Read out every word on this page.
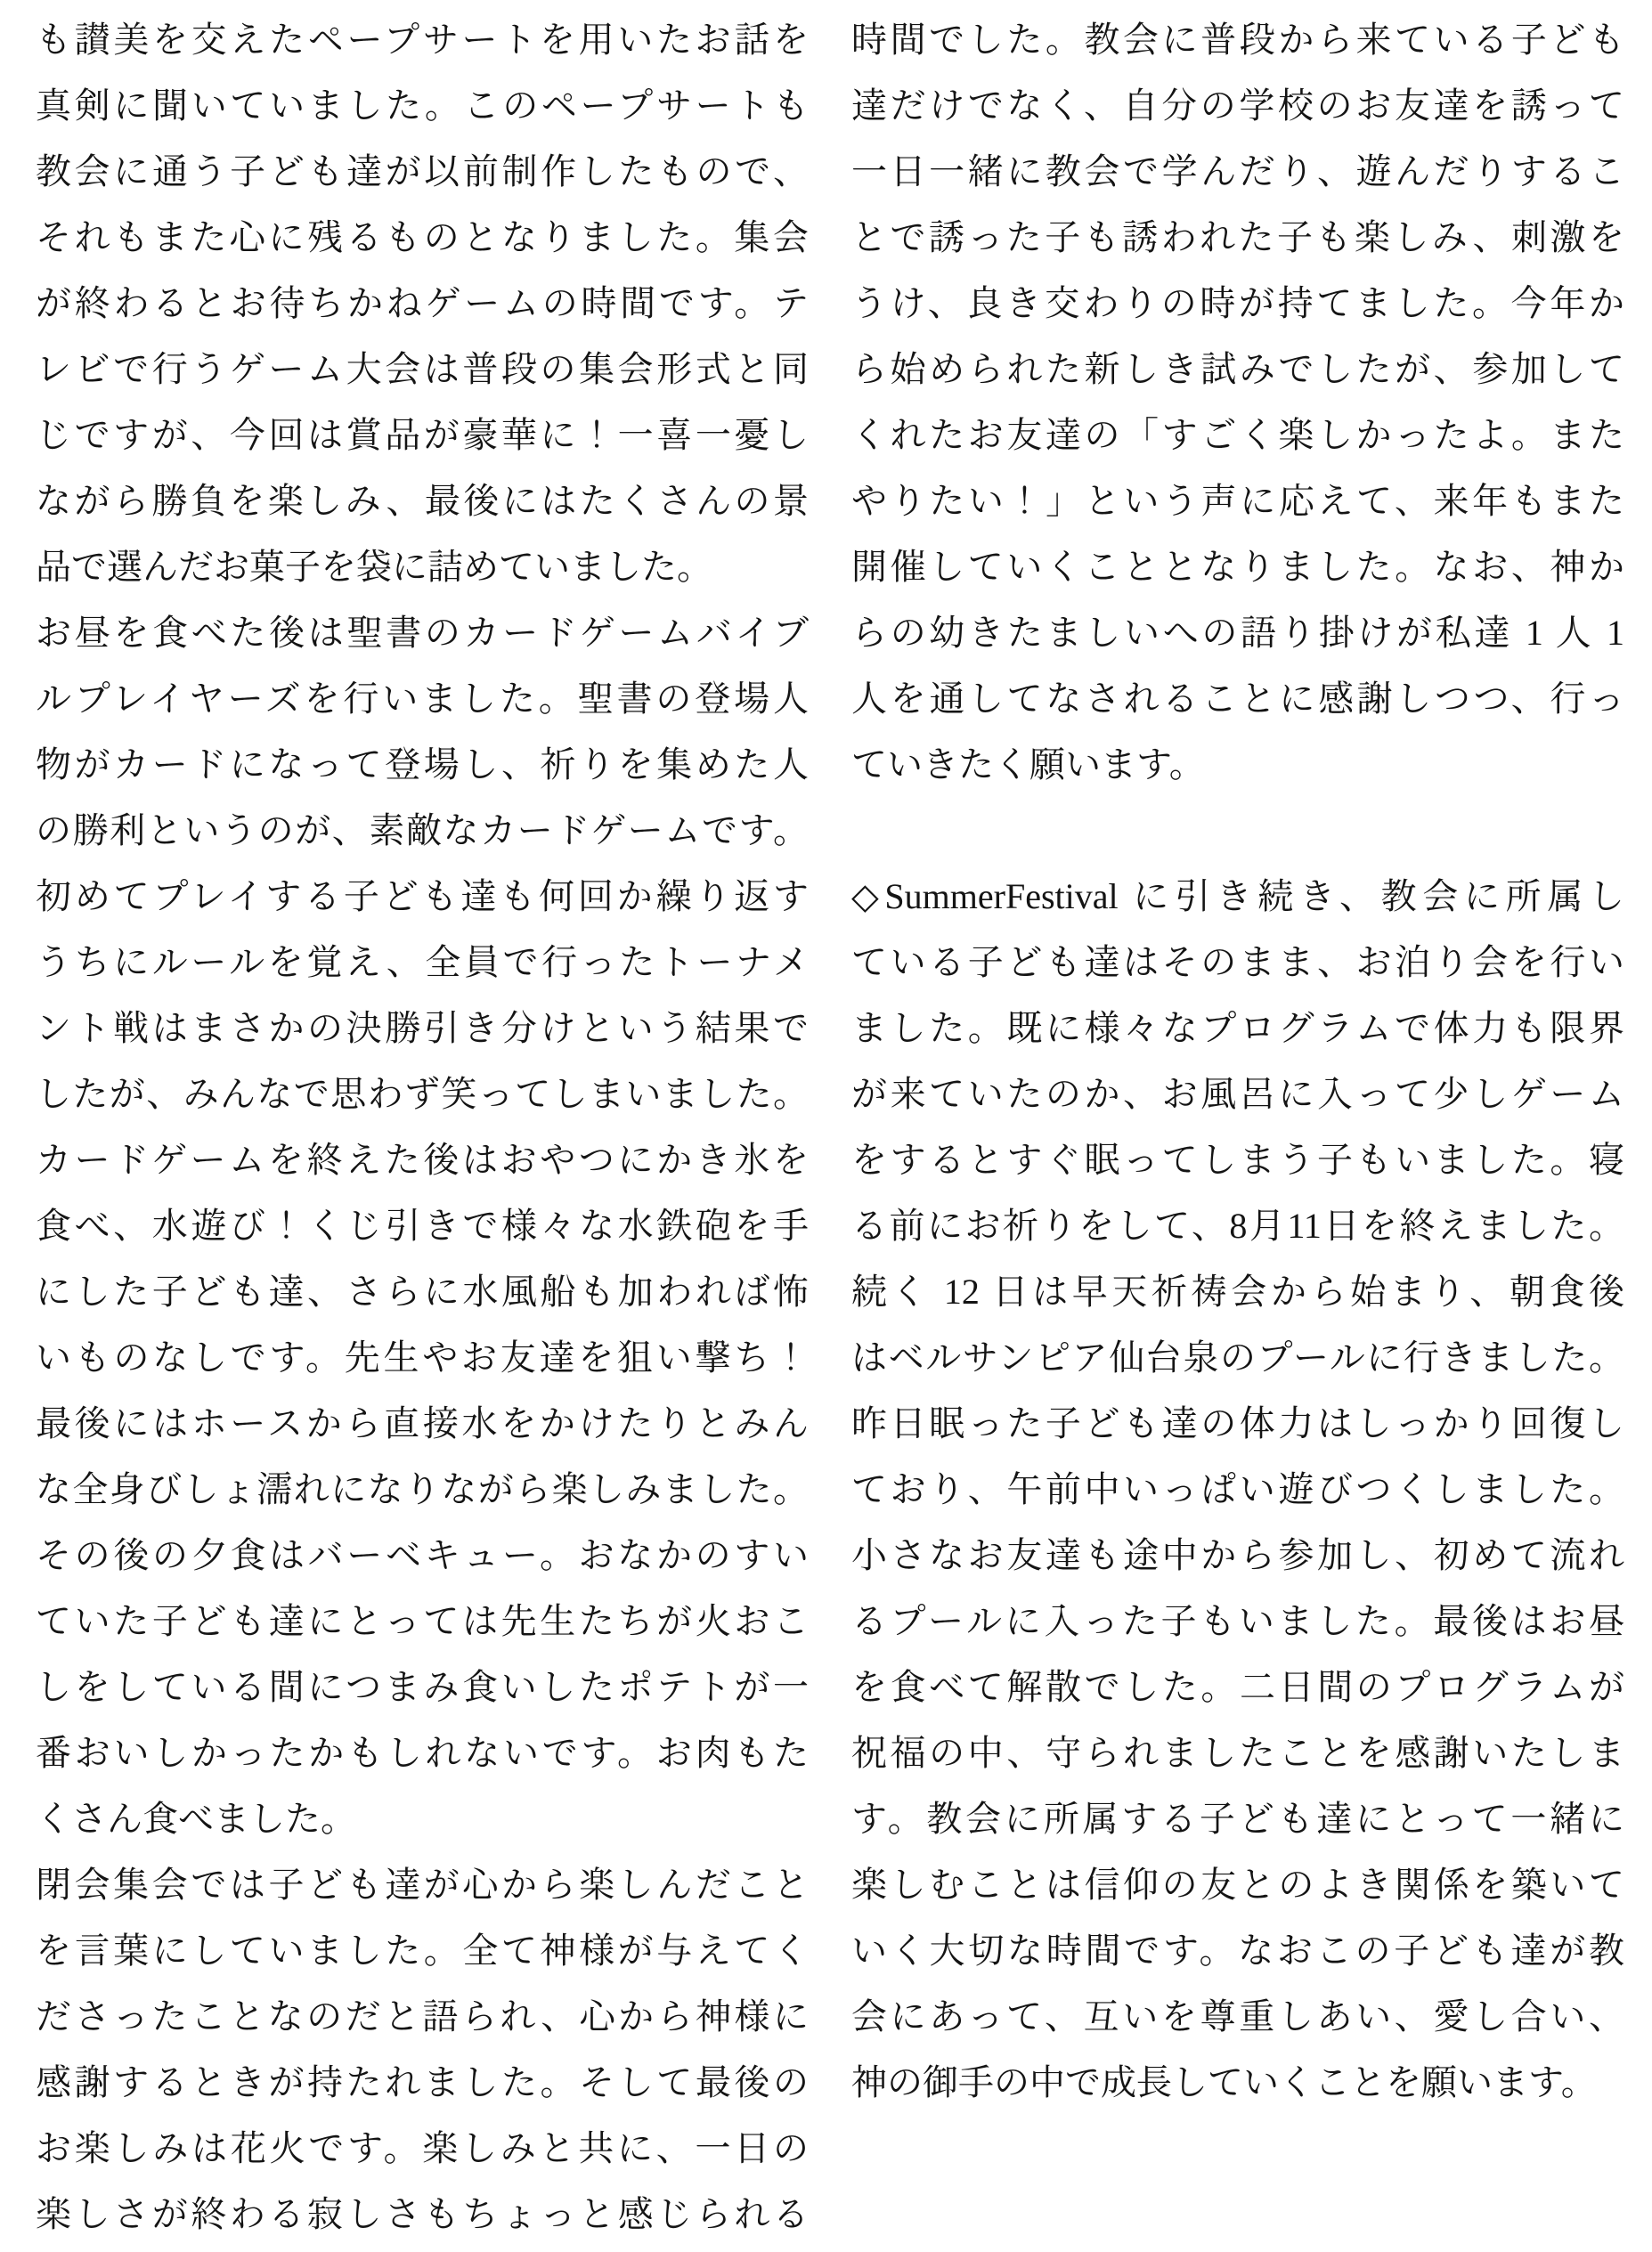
も讃美を交えたペープサートを用いたお話を
真剣に聞いていました。このペープサートも
教会に通う子ども達が以前制作したもので、
それもまた心に残るものとなりました。集会
が終わるとお待ちかねゲームの時間です。テ
レビで行うゲーム大会は普段の集会形式と同
じですが、今回は賞品が豪華に！一喜一憂し
ながら勝負を楽しみ、最後にはたくさんの景
品で選んだお菓子を袋に詰めていました。
お昼を食べた後は聖書のカードゲームバイブ
ルプレイヤーズを行いました。聖書の登場人
物がカードになって登場し、祈りを集めた人
の勝利というのが、素敵なカードゲームです。
初めてプレイする子ども達も何回か繰り返す
うちにルールを覚え、全員で行ったトーナメ
ント戦はまさかの決勝引き分けという結果で
したが、みんなで思わず笑ってしまいました。
カードゲームを終えた後はおやつにかき氷を
食べ、水遊び！くじ引きで様々な水鉄砲を手
にした子ども達、さらに水風船も加われば怖
いものなしです。先生やお友達を狙い撃ち！
最後にはホースから直接水をかけたりとみん
な全身びしょ濡れになりながら楽しみました。
その後の夕食はバーベキュー。おなかのすい
ていた子ども達にとっては先生たちが火おこ
しをしている間につまみ食いしたポテトが一
番おいしかったかもしれないです。お肉もた
くさん食べました。
閉会集会では子ども達が心から楽しんだこと
を言葉にしていました。全て神様が与えてく
ださったことなのだと語られ、心から神様に
感謝するときが持たれました。そして最後の
お楽しみは花火です。楽しみと共に、一日の
楽しさが終わる寂しさもちょっと感じられる
時間でした。教会に普段から来ている子ども
達だけでなく、自分の学校のお友達を誘って
一日一緒に教会で学んだり、遊んだりするこ
とで誘った子も誘われた子も楽しみ、刺激を
うけ、良き交わりの時が持てました。今年か
ら始められた新しき試みでしたが、参加して
くれたお友達の「すごく楽しかったよ。また
やりたい！」という声に応えて、来年もまた
開催していくこととなりました。なお、神か
らの幼きたましいへの語り掛けが私達 1 人 1
人を通してなされることに感謝しつつ、行っ
ていきたく願います。
◇SummerFestival に引き続き、教会に所属し
ている子ども達はそのまま、お泊り会を行い
ました。既に様々なプログラムで体力も限界
が来ていたのか、お風呂に入って少しゲーム
をするとすぐ眠ってしまう子もいました。寝
る前にお祈りをして、8月11日を終えました。
続く 12 日は早天祈祷会から始まり、朝食後
はベルサンピア仙台泉のプールに行きました。
昨日眠った子ども達の体力はしっかり回復し
ており、午前中いっぱい遊びつくしました。
小さなお友達も途中から参加し、初めて流れ
るプールに入った子もいました。最後はお昼
を食べて解散でした。二日間のプログラムが
祝福の中、守られましたことを感謝いたしま
す。教会に所属する子ども達にとって一緒に
楽しむことは信仰の友とのよき関係を築いて
いく大切な時間です。なおこの子ども達が教
会にあって、互いを尊重しあい、愛し合い、
神の御手の中で成長していくことを願います。
